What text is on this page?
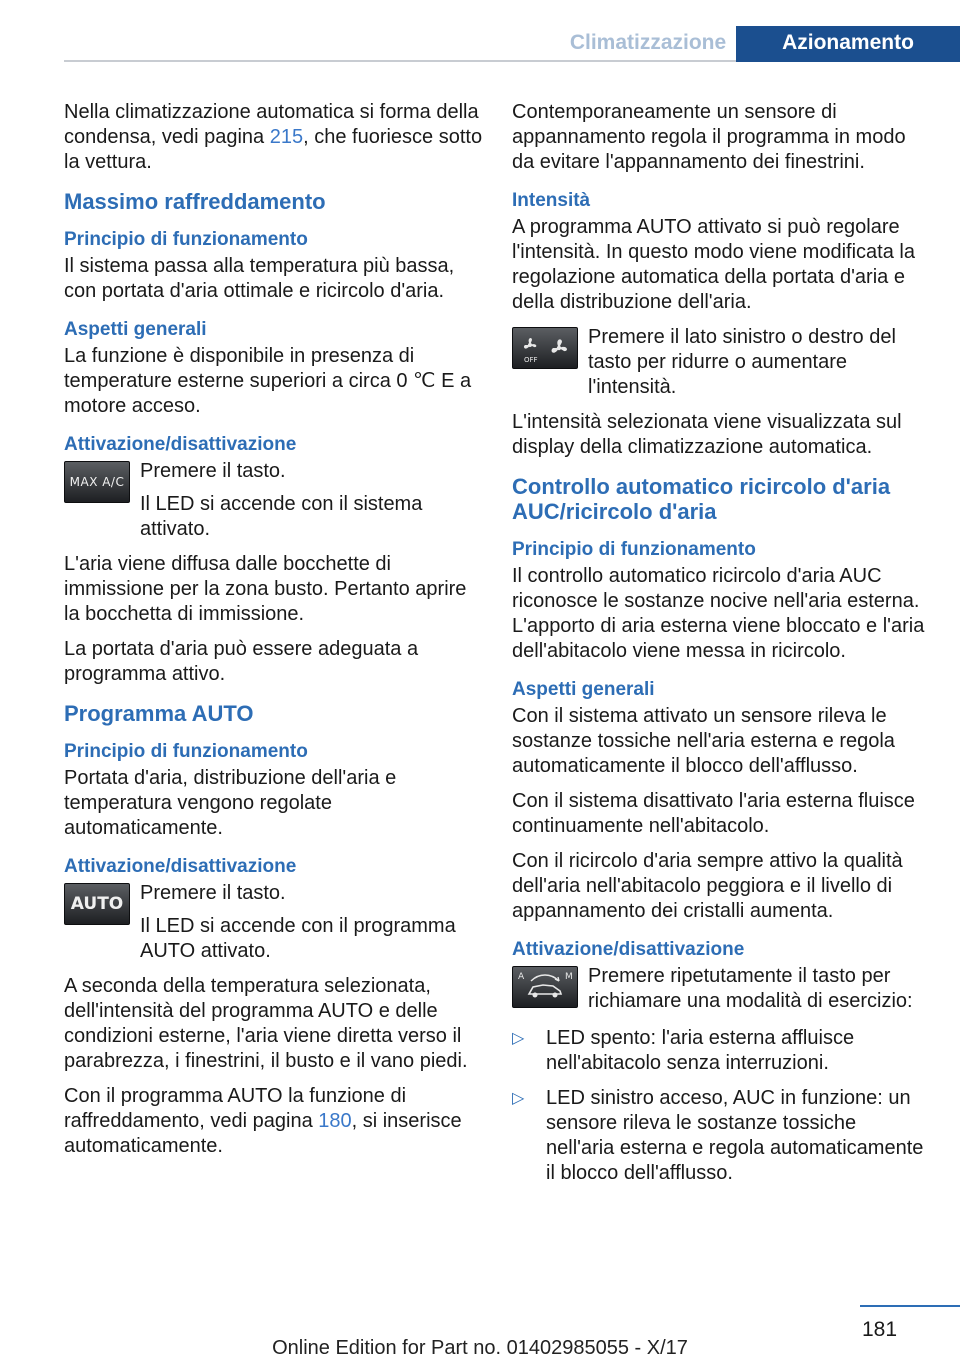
Climatizzazione	Azionamento

Nella climatizzazione automatica si forma della condensa, vedi pagina 215, che fuoriesce sotto la vettura.

Massimo raffreddamento
Principio di funzionamento

Il sistema passa alla temperatura più bassa, con portata d'aria ottimale e ricircolo d'aria.

Aspetti generali

La funzione è disponibile in presenza di temperature esterne superiori a circa 0 ℃ E a motore acceso.

Attivazione/disattivazione
MAX A/C Premere il tasto.

Il LED si accende con il sistema attivato.

L'aria viene diffusa dalle bocchette di immissione per la zona busto. Pertanto aprire la bocchetta di immissione.

La portata d'aria può essere adeguata a programma attivo.

Programma AUTO
Principio di funzionamento

Portata d'aria, distribuzione dell'aria e temperatura vengono regolate automaticamente.

Attivazione/disattivazione
AUTO Premere il tasto.

Il LED si accende con il programma AUTO attivato.

A seconda della temperatura selezionata, dell'intensità del programma AUTO e delle condizioni esterne, l'aria viene diretta verso il parabrezza, i finestrini, il busto e il vano piedi.

Con il programma AUTO la funzione di raffreddamento, vedi pagina 180, si inserisce automaticamente.

Contemporaneamente un sensore di appannamento regola il programma in modo da evitare l'appannamento dei finestrini.

Intensità

A programma AUTO attivato si può regolare l'intensità. In questo modo viene modificata la regolazione automatica della portata d'aria e della distribuzione dell'aria.

OFF

Premere il lato sinistro o destro del tasto per ridurre o aumentare l'intensità.

L'intensità selezionata viene visualizzata sul display della climatizzazione automatica.

Controllo automatico ricircolo d'aria AUC/ricircolo d'aria
Principio di funzionamento

Il controllo automatico ricircolo d'aria AUC riconosce le sostanze nocive nell'aria esterna. L'apporto di aria esterna viene bloccato e l'aria dell'abitacolo viene messa in ricircolo.

Aspetti generali

Con il sistema attivato un sensore rileva le sostanze tossiche nell'aria esterna e regola automaticamente il blocco dell'afflusso.

Con il sistema disattivato l'aria esterna fluisce continuamente nell'abitacolo.

Con il ricircolo d'aria sempre attivo la qualità dell'aria nell'abitacolo peggiora e il livello di appannamento dei cristalli aumenta.

Attivazione/disattivazione
A	M Premere ripetutamente il tasto per richiamare una modalità di esercizio:

▷ LED spento: l'aria esterna affluisce nell'abitacolo senza interruzioni.

▷ LED sinistro acceso, AUC in funzione: un sensore rileva le sostanze tossiche nell'aria esterna e regola automaticamente il blocco dell'afflusso.

181
Online Edition for Part no. 01402985055 - X/17
